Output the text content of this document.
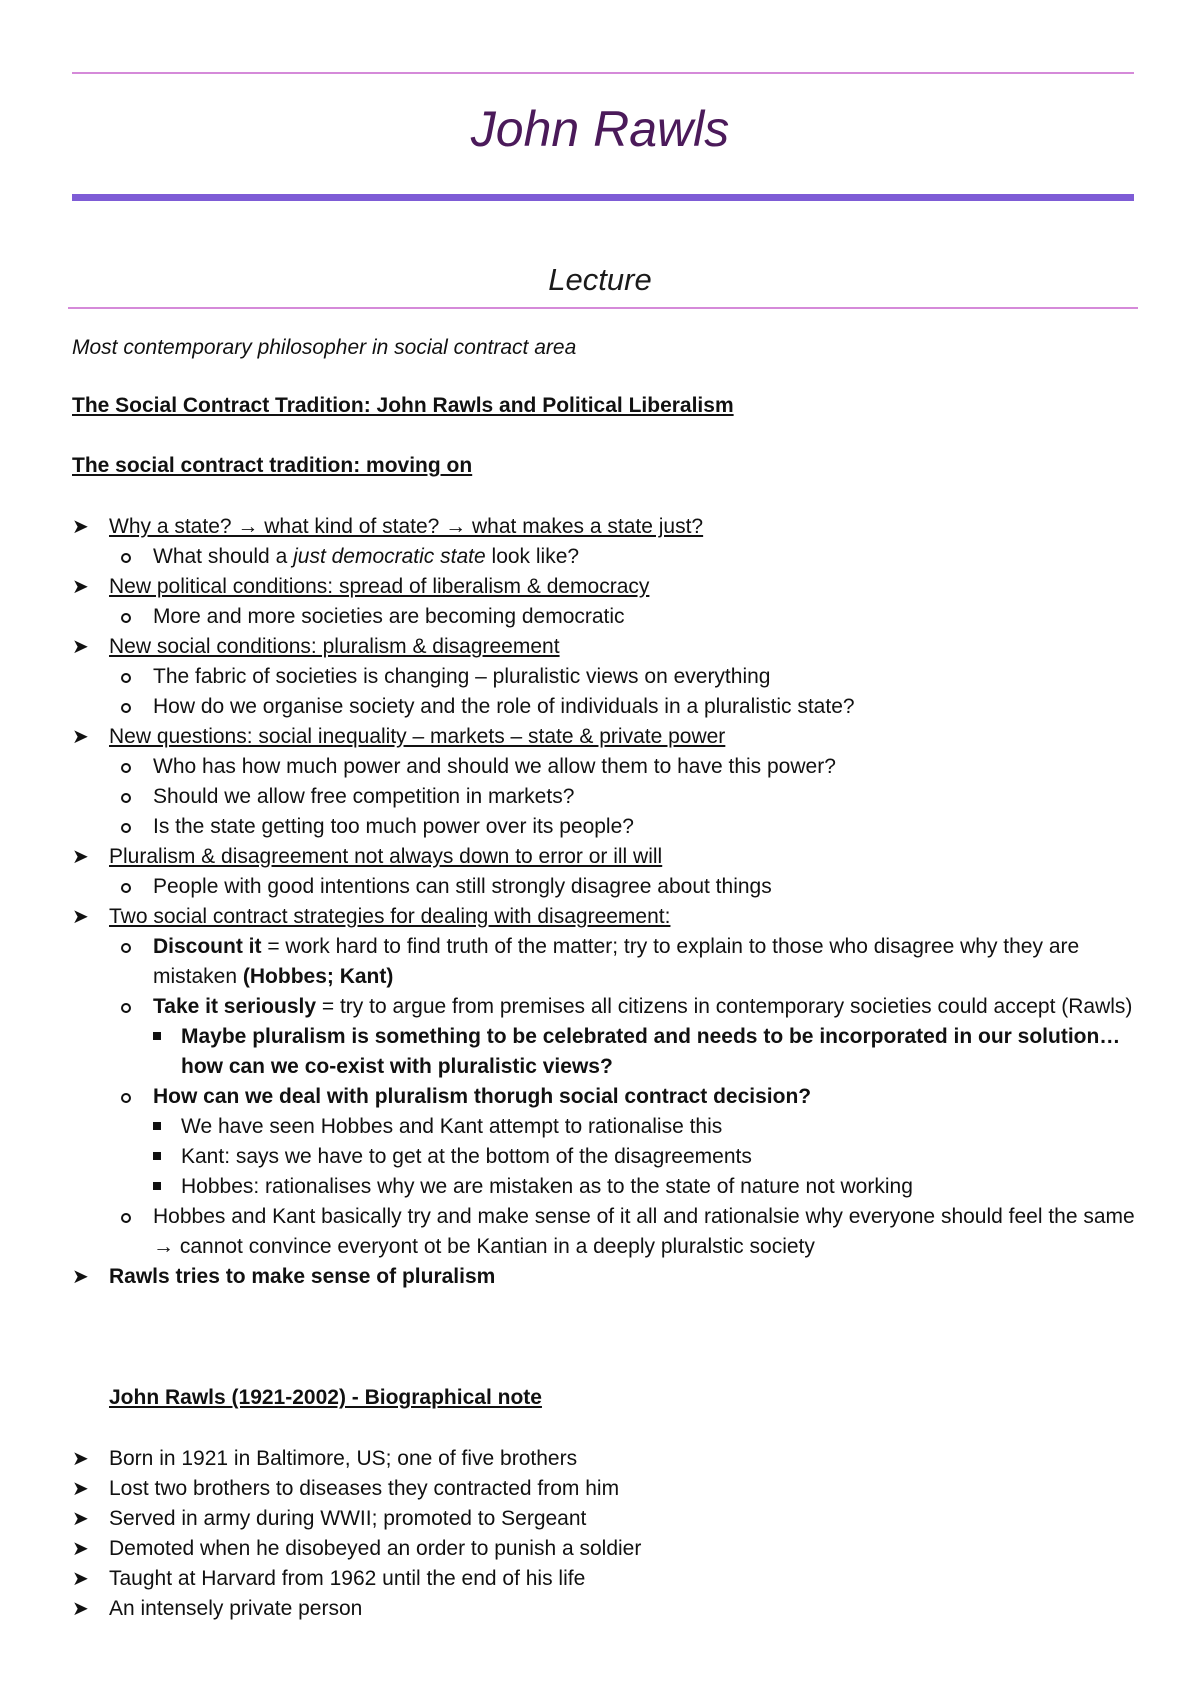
John Rawls
Lecture
Most contemporary philosopher in social contract area
The Social Contract Tradition: John Rawls and Political Liberalism
The social contract tradition: moving on
➤ Why a state? → what kind of state? → what makes a state just?
What should a just democratic state look like?
➤ New political conditions: spread of liberalism & democracy
More and more societies are becoming democratic
➤ New social conditions: pluralism & disagreement
The fabric of societies is changing – pluralistic views on everything
How do we organise society and the role of individuals in a pluralistic state?
➤ New questions: social inequality – markets – state & private power
Who has how much power and should we allow them to have this power?
Should we allow free competition in markets?
Is the state getting too much power over its people?
➤ Pluralism & disagreement not always down to error or ill will
People with good intentions can still strongly disagree about things
➤ Two social contract strategies for dealing with disagreement:
Discount it = work hard to find truth of the matter; try to explain to those who disagree why they are mistaken (Hobbes; Kant)
Take it seriously = try to argue from premises all citizens in contemporary societies could accept (Rawls)
Maybe pluralism is something to be celebrated and needs to be incorporated in our solution… how can we co-exist with pluralistic views?
How can we deal with pluralism thorugh social contract decision?
We have seen Hobbes and Kant attempt to rationalise this
Kant: says we have to get at the bottom of the disagreements
Hobbes: rationalises why we are mistaken as to the state of nature not working
Hobbes and Kant basically try and make sense of it all and rationalsie why everyone should feel the same → cannot convince everyont ot be Kantian in a deeply pluralstic society
➤ Rawls tries to make sense of pluralism
John Rawls (1921-2002) - Biographical note
➤ Born in 1921 in Baltimore, US; one of five brothers
➤ Lost two brothers to diseases they contracted from him
➤ Served in army during WWII; promoted to Sergeant
➤ Demoted when he disobeyed an order to punish a soldier
➤ Taught at Harvard from 1962 until the end of his life
➤ An intensely private person
